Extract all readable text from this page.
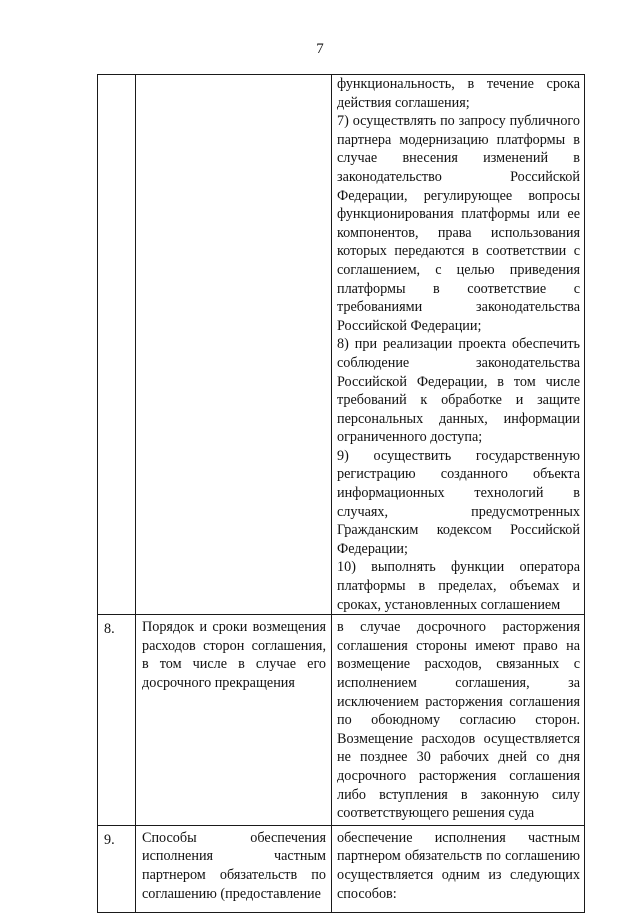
7

		функциональность, в течение срока действия соглашения;
7) осуществлять по запросу публичного партнера модернизацию платформы в случае внесения изменений в законодательство Российской Федерации, регулирующее вопросы функционирования платформы или ее компонентов, права использования которых передаются в соответствии с соглашением, с целью приведения платформы в соответствие с требованиями законодательства Российской Федерации;
8) при реализации проекта обеспечить соблюдение законодательства Российской Федерации, в том числе требований к обработке и защите персональных данных, информации ограниченного доступа;
9) осуществить государственную регистрацию созданного объекта информационных технологий в случаях, предусмотренных Гражданским кодексом Российской Федерации;
10) выполнять функции оператора платформы в пределах, объемах и сроках, установленных соглашением

8.	Порядок и сроки возмещения расходов сторон соглашения, в том числе в случае его досрочного прекращения	в случае досрочного расторжения соглашения стороны имеют право на возмещение расходов, связанных с исполнением соглашения, за исключением расторжения соглашения по обоюдному согласию сторон. Возмещение расходов осуществляется не позднее 30 рабочих дней со дня досрочного расторжения соглашения либо вступления в законную силу соответствующего решения суда

9.	Способы обеспечения исполнения частным партнером обязательств по соглашению (предоставление	обеспечение исполнения частным партнером обязательств по соглашению осуществляется одним из следующих способов:
